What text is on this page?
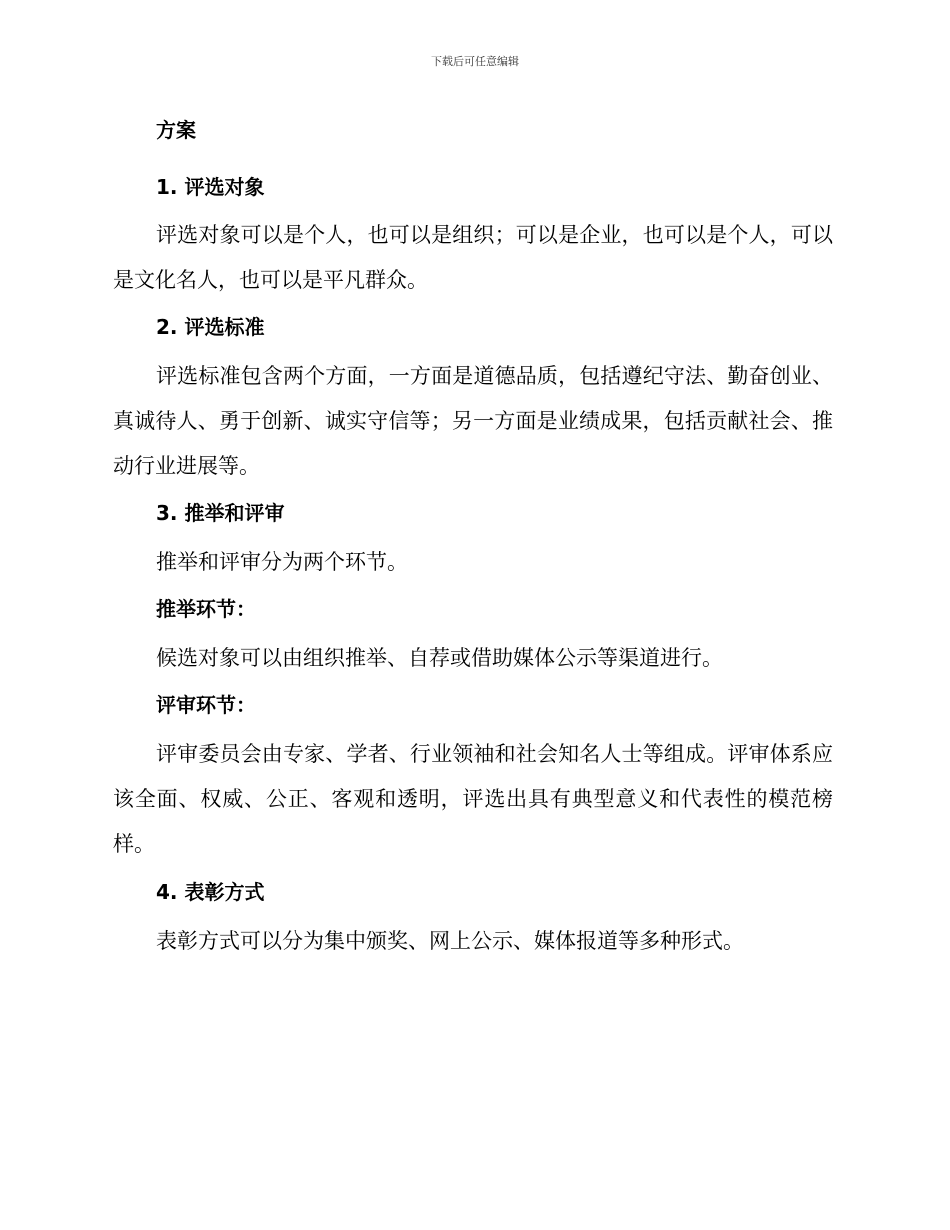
下载后可任意编辑
方案
1. 评选对象

评选对象可以是个人，也可以是组织；可以是企业，也可以是个人，可以是文化名人，也可以是平凡群众。

2. 评选标准

评选标准包含两个方面，一方面是道德品质，包括遵纪守法、勤奋创业、真诚待人、勇于创新、诚实守信等；另一方面是业绩成果，包括贡献社会、推动行业进展等。

3. 推举和评审

推举和评审分为两个环节。

推举环节：

候选对象可以由组织推举、自荐或借助媒体公示等渠道进行。

评审环节：

评审委员会由专家、学者、行业领袖和社会知名人士等组成。评审体系应该全面、权威、公正、客观和透明，评选出具有典型意义和代表性的模范榜样。

4. 表彰方式

表彰方式可以分为集中颁奖、网上公示、媒体报道等多种形式。
